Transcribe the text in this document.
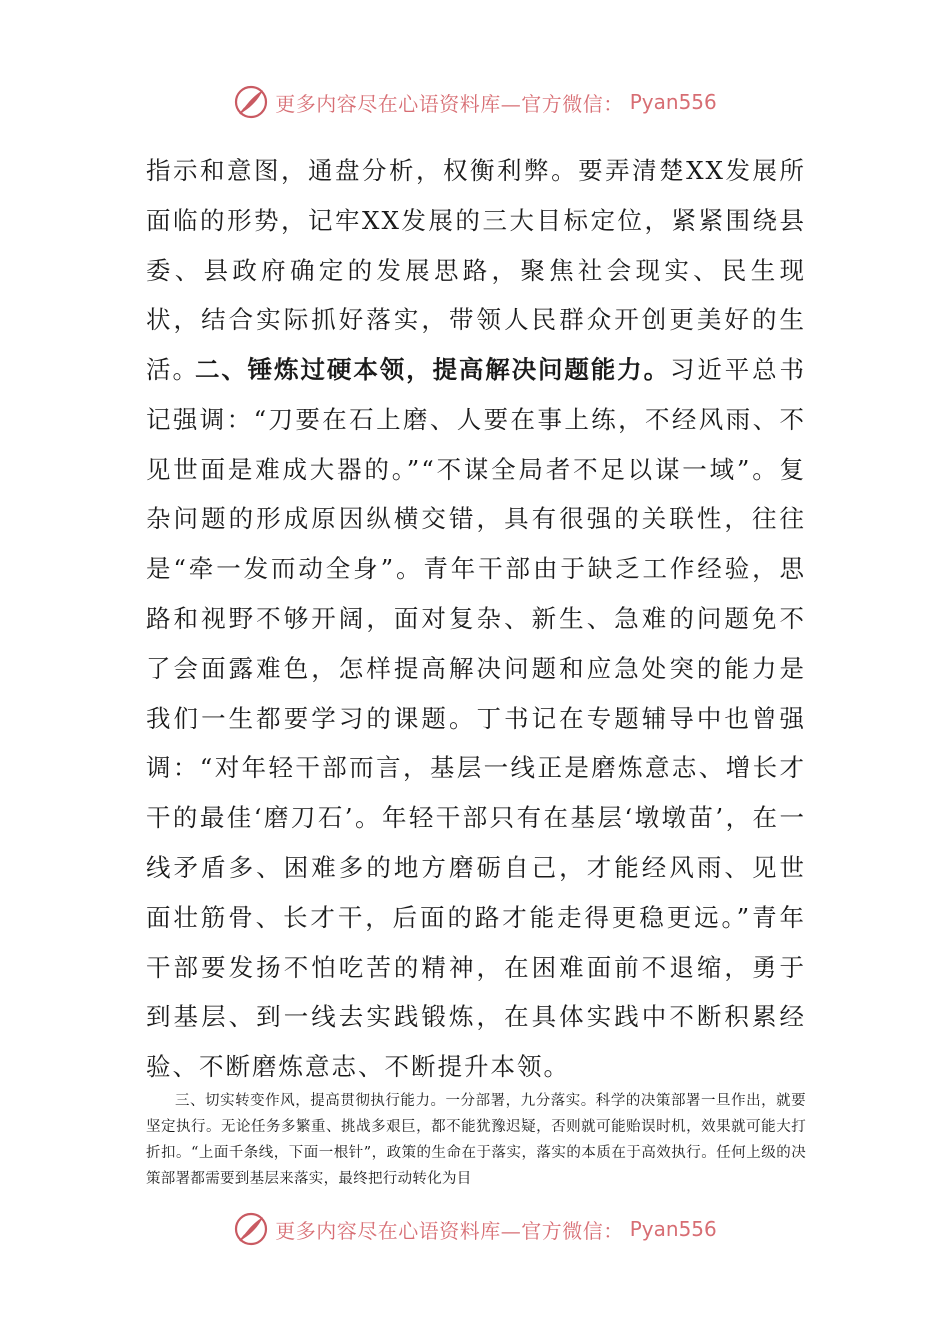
更多内容尽在心语资料库—官方微信： Pyan556

指示和意图，通盘分析，权衡利弊。要弄清楚XX发展所面临的形势，记牢XX发展的三大目标定位，紧紧围绕县委、县政府确定的发展思路，聚焦社会现实、民生现状，结合实际抓好落实，带领人民群众开创更美好的生活。

二、锤炼过硬本领，提高解决问题能力。习近平总书记强调：“刀要在石上磨、人要在事上练，不经风雨、不见世面是难成大器的。”“不谋全局者不足以谋一域”。复杂问题的形成原因纵横交错，具有很强的关联性，往往是“牵一发而动全身”。青年干部由于缺乏工作经验，思路和视野不够开阔，面对复杂、新生、急难的问题免不了会面露难色，怎样提高解决问题和应急处突的能力是我们一生都要学习的课题。丁书记在专题辅导中也曾强调：“对年轻干部而言，基层一线正是磨炼意志、增长才干的最佳‘磨刀石’。年轻干部只有在基层‘墩墩苗’，在一线矛盾多、困难多的地方磨砺自己，才能经风雨、见世面壮筋骨、长才干，后面的路才能走得更稳更远。”青年干部要发扬不怕吃苦的精神，在困难面前不退缩，勇于到基层、到一线去实践锻炼，在具体实践中不断积累经验、不断磨炼意志、不断提升本领。

三、切实转变作风，提高贯彻执行能力。一分部署，九分落实。科学的决策部署一旦作出，就要坚定执行。无论任务多繁重、挑战多艰巨，都不能犹豫迟疑，否则就可能贻误时机，效果就可能大打折扣。“上面千条线，下面一根针”，政策的生命在于落实，落实的本质在于高效执行。任何上级的决策部署都需要到基层来落实，最终把行动转化为目

更多内容尽在心语资料库—官方微信： Pyan556
